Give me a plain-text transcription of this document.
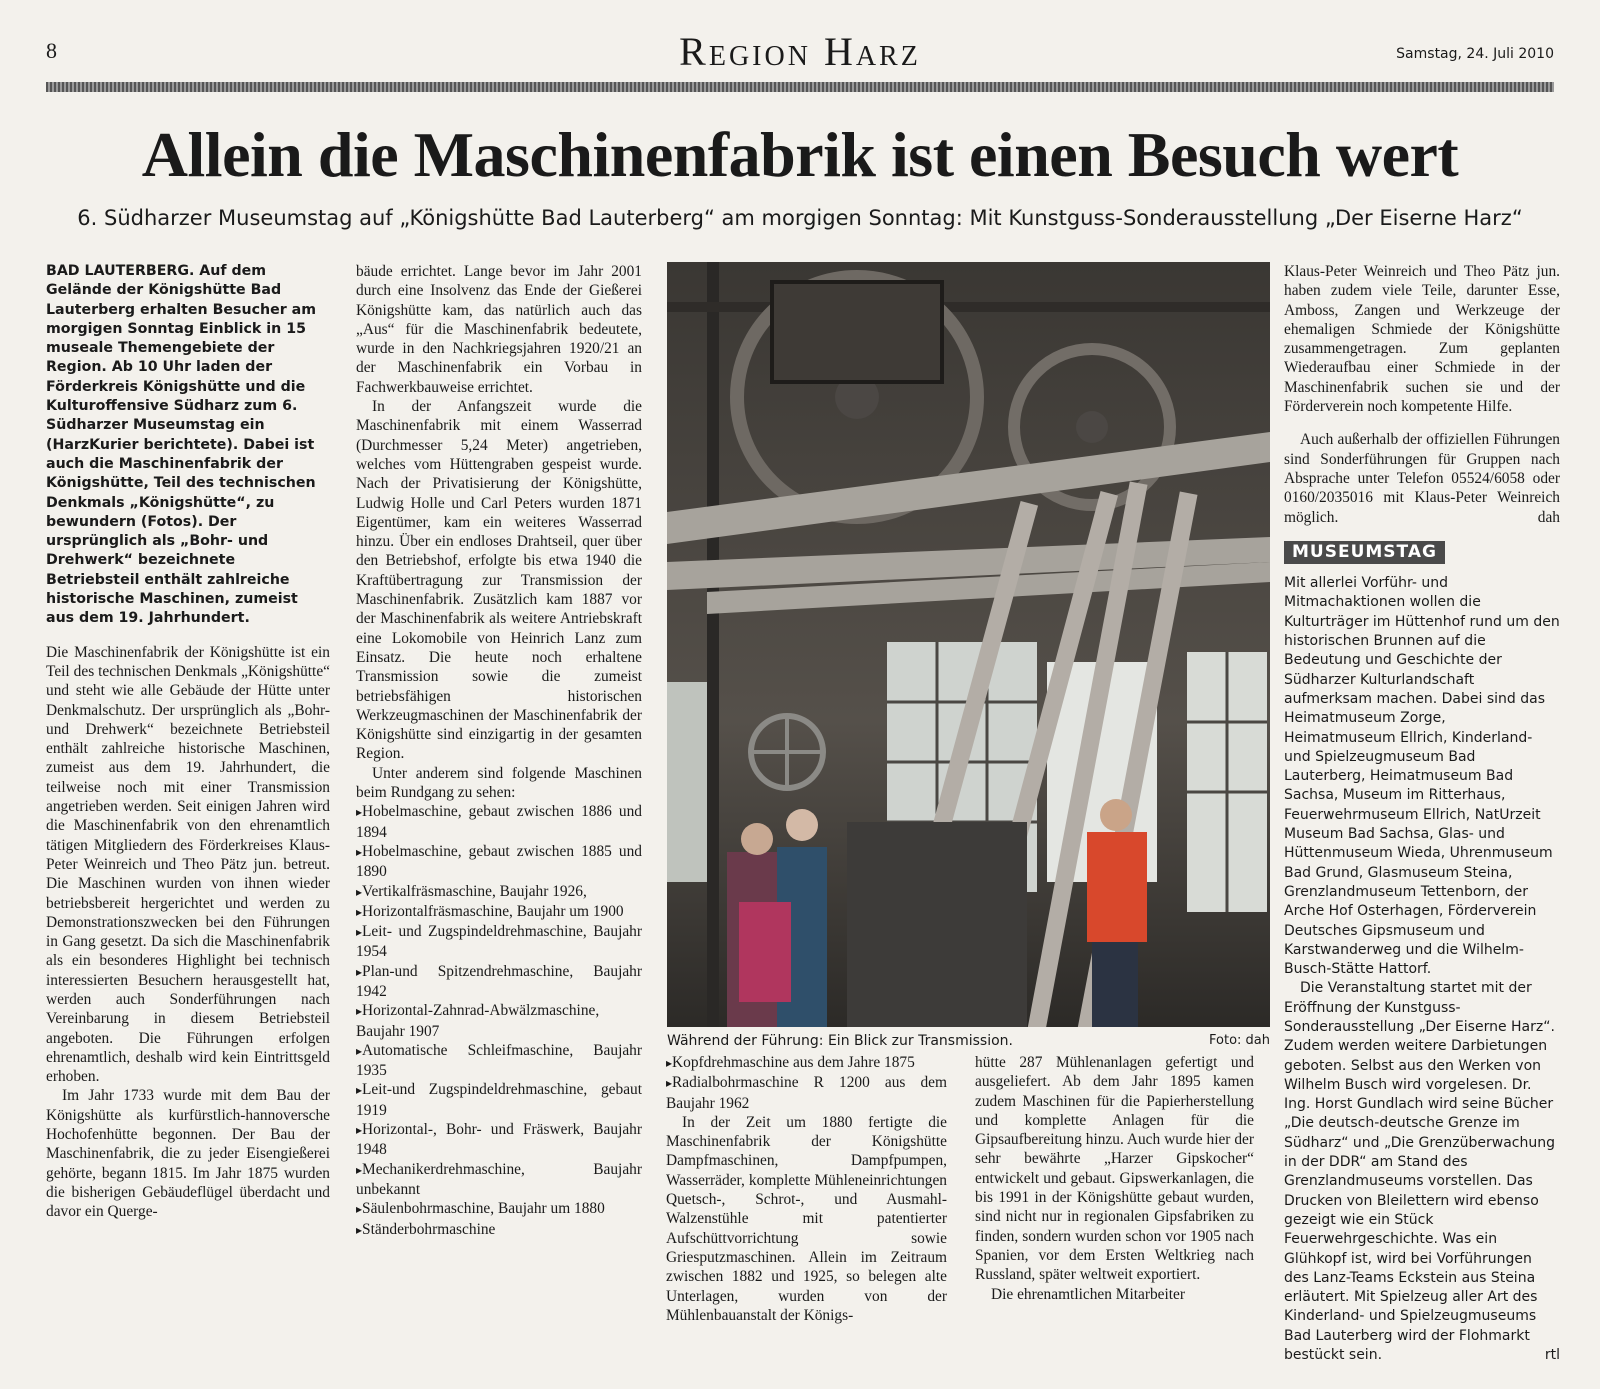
8	Region Harz	Samstag, 24. Juli 2010
Allein die Maschinenfabrik ist einen Besuch wert
6. Südharzer Museumstag auf „Königshütte Bad Lauterberg“ am morgigen Sonntag: Mit Kunstguss-Sonderausstellung „Der Eiserne Harz“

BAD LAUTERBERG. Auf dem Gelände der Königshütte Bad Lauterberg erhalten Besucher am morgigen Sonntag Einblick in 15 museale Themengebiete der Region. Ab 10 Uhr laden der Förderkreis Königshütte und die Kulturoffensive Südharz zum 6. Südharzer Museumstag ein (HarzKurier berichtete). Dabei ist auch die Maschinenfabrik der Königshütte, Teil des technischen Denkmals „Königshütte“, zu bewundern (Fotos). Der ursprünglich als „Bohr- und Drehwerk“ bezeichnete Betriebsteil enthält zahlreiche historische Maschinen, zumeist aus dem 19. Jahrhundert.

Die Maschinenfabrik der Königshütte ist ein Teil des technischen Denkmals „Königshütte“ und steht wie alle Gebäude der Hütte unter Denkmalschutz. Der ursprünglich als „Bohr- und Drehwerk“ bezeichnete Betriebsteil enthält zahlreiche historische Maschinen, zumeist aus dem 19. Jahrhundert, die teilweise noch mit einer Transmission angetrieben werden. Seit einigen Jahren wird die Maschinenfabrik von den ehrenamtlich tätigen Mitgliedern des Förderkreises Klaus-Peter Weinreich und Theo Pätz jun. betreut. Die Maschinen wurden von ihnen wieder betriebsbereit hergerichtet und werden zu Demonstrationszwecken bei den Führungen in Gang gesetzt. Da sich die Maschinenfabrik als ein besonderes Highlight bei technisch interessierten Besuchern herausgestellt hat, werden auch Sonderführungen nach Vereinbarung in diesem Betriebsteil angeboten. Die Führungen erfolgen ehrenamtlich, deshalb wird kein Eintrittsgeld erhoben.

Im Jahr 1733 wurde mit dem Bau der Königshütte als kurfürstlich-hannoversche Hochofenhütte begonnen. Der Bau der Maschinenfabrik, die zu jeder Eisengießerei gehörte, begann 1815. Im Jahr 1875 wurden die bisherigen Gebäudeflügel überdacht und davor ein Querge-

bäude errichtet. Lange bevor im Jahr 2001 durch eine Insolvenz das Ende der Gießerei Königshütte kam, das natürlich auch das „Aus“ für die Maschinenfabrik bedeutete, wurde in den Nachkriegsjahren 1920/21 an der Maschinenfabrik ein Vorbau in Fachwerkbauweise errichtet.

In der Anfangszeit wurde die Maschinenfabrik mit einem Wasserrad (Durchmesser 5,24 Meter) angetrieben, welches vom Hüttengraben gespeist wurde. Nach der Privatisierung der Königshütte, Ludwig Holle und Carl Peters wurden 1871 Eigentümer, kam ein weiteres Wasserrad hinzu. Über ein endloses Drahtseil, quer über den Betriebshof, erfolgte bis etwa 1940 die Kraftübertragung zur Transmission der Maschinenfabrik. Zusätzlich kam 1887 vor der Maschinenfabrik als weitere Antriebskraft eine Lokomobile von Heinrich Lanz zum Einsatz. Die heute noch erhaltene Transmission sowie die zumeist betriebsfähigen historischen Werkzeugmaschinen der Maschinenfabrik der Königshütte sind einzigartig in der gesamten Region.

Unter anderem sind folgende Maschinen beim Rundgang zu sehen:

▸ Hobelmaschine, gebaut zwischen 1886 und 1894

▸ Hobelmaschine, gebaut zwischen 1885 und 1890

▸ Vertikalfräsmaschine, Baujahr 1926,

▸ Horizontalfräsmaschine, Baujahr um 1900

▸ Leit- und Zugspindeldrehmaschine, Baujahr 1954

▸ Plan-und Spitzendrehmaschine, Baujahr 1942

▸ Horizontal-Zahnrad-Abwälzmaschine, Baujahr 1907

▸ Automatische Schleifmaschine, Baujahr 1935

▸ Leit-und Zugspindeldrehmaschine, gebaut 1919

▸ Horizontal-, Bohr- und Fräswerk, Baujahr 1948

▸ Mechanikerdrehmaschine, Baujahr unbekannt

▸ Säulenbohrmaschine, Baujahr um 1880

▸ Ständerbohrmaschine

Während der Führung: Ein Blick zur Transmission.	Foto: dah

▸ Kopfdrehmaschine aus dem Jahre 1875

▸ Radialbohrmaschine R 1200 aus dem Baujahr 1962

In der Zeit um 1880 fertigte die Maschinenfabrik der Königshütte Dampfmaschinen, Dampfpumpen, Wasserräder, komplette Mühleneinrichtungen Quetsch-, Schrot-, und Ausmahl-Walzenstühle mit patentierter Aufschüttvorrichtung sowie Griesputzmaschinen. Allein im Zeitraum zwischen 1882 und 1925, so belegen alte Unterlagen, wurden von der Mühlenbauanstalt der Königs-

hütte 287 Mühlenanlagen gefertigt und ausgeliefert. Ab dem Jahr 1895 kamen zudem Maschinen für die Papierherstellung und komplette Anlagen für die Gipsaufbereitung hinzu. Auch wurde hier der sehr bewährte „Harzer Gipskocher“ entwickelt und gebaut. Gipswerkanlagen, die bis 1991 in der Königshütte gebaut wurden, sind nicht nur in regionalen Gipsfabriken zu finden, sondern wurden schon vor 1905 nach Spanien, vor dem Ersten Weltkrieg nach Russland, später weltweit exportiert.

Die ehrenamtlichen Mitarbeiter

Klaus-Peter Weinreich und Theo Pätz jun. haben zudem viele Teile, darunter Esse, Amboss, Zangen und Werkzeuge der ehemaligen Schmiede der Königshütte zusammengetragen. Zum geplanten Wiederaufbau einer Schmiede in der Maschinenfabrik suchen sie und der Förderverein noch kompetente Hilfe.

Auch außerhalb der offiziellen Führungen sind Sonderführungen für Gruppen nach Absprache unter Telefon 05524/6058 oder 0160/2035016 mit Klaus-Peter Weinreich möglich.	dah

MUSEUMSTAG

Mit allerlei Vorführ- und Mitmachaktionen wollen die Kulturträger im Hüttenhof rund um den historischen Brunnen auf die Bedeutung und Geschichte der Südharzer Kulturlandschaft aufmerksam machen. Dabei sind das Heimatmuseum Zorge, Heimatmuseum Ellrich, Kinderland- und Spielzeugmuseum Bad Lauterberg, Heimatmuseum Bad Sachsa, Museum im Ritterhaus, Feuerwehrmuseum Ellrich, NatUrzeit Museum Bad Sachsa, Glas- und Hüttenmuseum Wieda, Uhrenmuseum Bad Grund, Glasmuseum Steina, Grenzlandmuseum Tettenborn, der Arche Hof Osterhagen, Förderverein Deutsches Gipsmuseum und Karstwanderweg und die Wilhelm-Busch-Stätte Hattorf.

Die Veranstaltung startet mit der Eröffnung der Kunstguss-Sonderausstellung „Der Eiserne Harz“. Zudem werden weitere Darbietungen geboten. Selbst aus den Werken von Wilhelm Busch wird vorgelesen. Dr. Ing. Horst Gundlach wird seine Bücher „Die deutsch-deutsche Grenze im Südharz“ und „Die Grenzüberwachung in der DDR“ am Stand des Grenzlandmuseums vorstellen. Das Drucken von Bleilettern wird ebenso gezeigt wie ein Stück Feuerwehrgeschichte. Was ein Glühkopf ist, wird bei Vorführungen des Lanz-Teams Eckstein aus Steina erläutert. Mit Spielzeug aller Art des Kinderland- und Spielzeugmuseums Bad Lauterberg wird der Flohmarkt bestückt sein.	rtl
